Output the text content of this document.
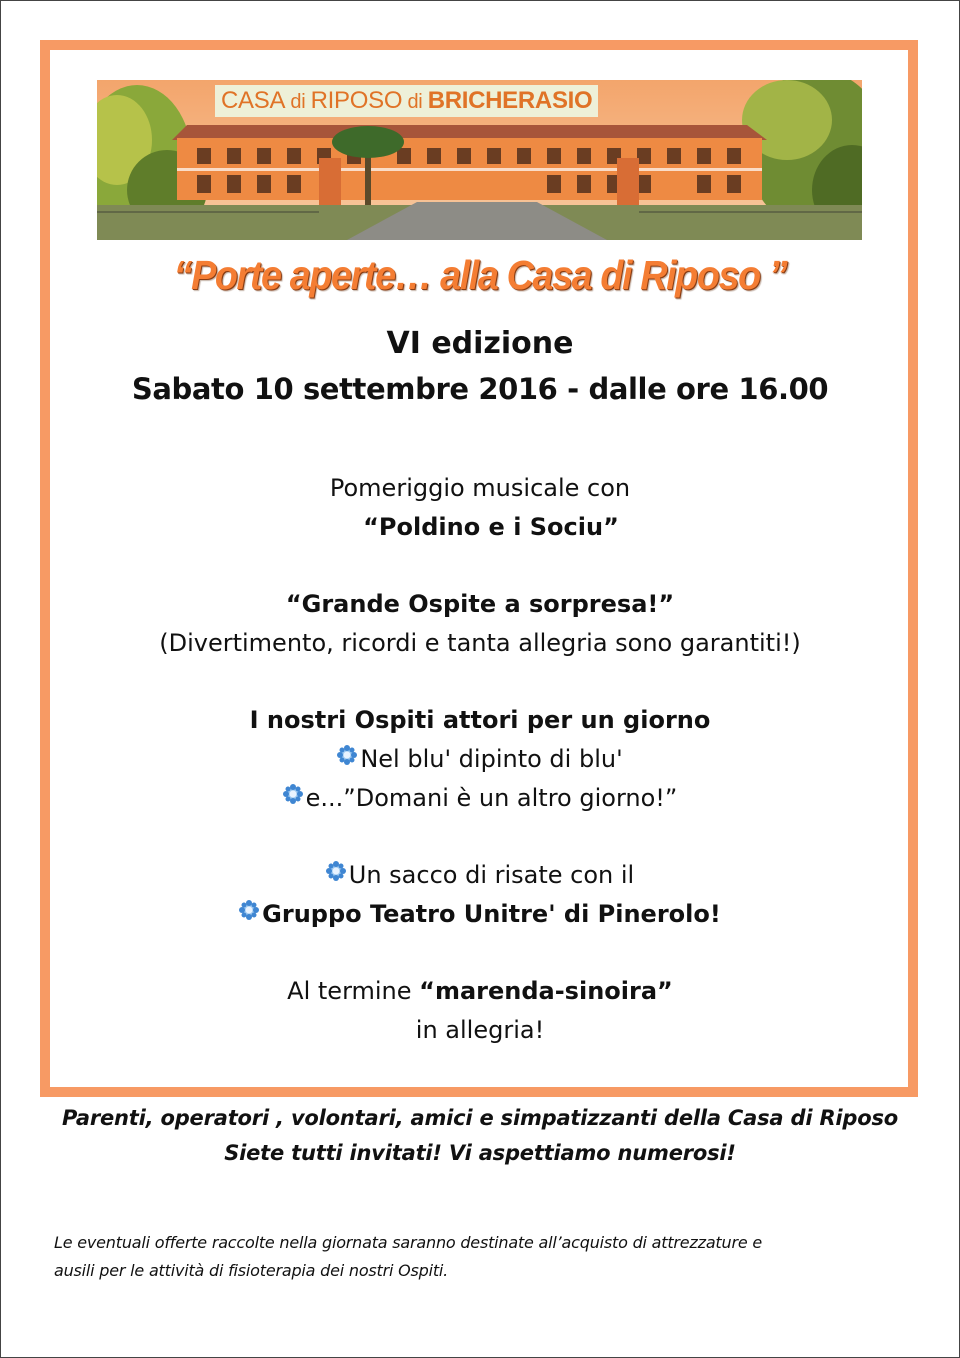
CASA di RIPOSO di BRICHERASIO
“Porte aperte… alla Casa di Riposo ”
VI edizione
Sabato 10 settembre 2016 - dalle ore 16.00
Pomeriggio musicale con
“Poldino e i Sociu”
“Grande Ospite a sorpresa!”
(Divertimento, ricordi e tanta allegria sono garantiti!)
I nostri Ospiti attori per un giorno
Nel blu' dipinto di blu'
e...”Domani è un altro giorno!”
Un sacco di risate con il
Gruppo Teatro Unitre' di Pinerolo!
Al termine “marenda-sinoira”
in allegria!
Parenti, operatori , volontari, amici e simpatizzanti della Casa di Riposo
Siete tutti invitati! Vi aspettiamo numerosi!
Le eventuali offerte raccolte nella giornata saranno destinate all’acquisto di attrezzature e
ausili per le attività di fisioterapia dei nostri Ospiti.
